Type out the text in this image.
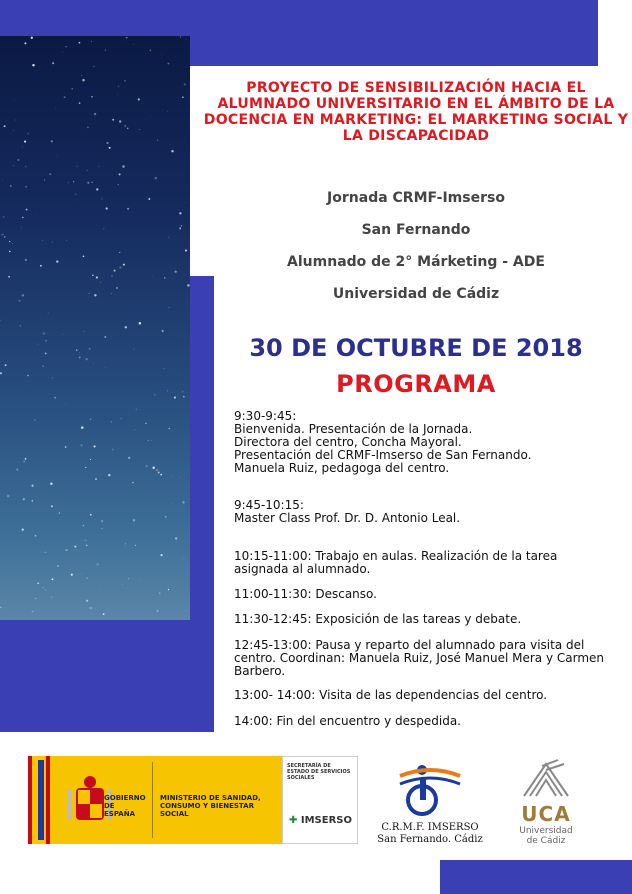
PROYECTO DE SENSIBILIZACIÓN HACIA EL ALUMNADO UNIVERSITARIO EN EL ÁMBITO DE LA DOCENCIA EN MARKETING: EL MARKETING SOCIAL Y LA DISCAPACIDAD
Jornada CRMF-Imserso
San Fernando
Alumnado de 2° Márketing - ADE
Universidad de Cádiz
30 DE OCTUBRE DE 2018
PROGRAMA
9:30-9:45:
Bienvenida. Presentación de la Jornada.
Directora del centro, Concha Mayoral.
Presentación del CRMF-Imserso de San Fernando.
Manuela Ruiz, pedagoga del centro.
9:45-10:15:
Master Class Prof. Dr. D. Antonio Leal.
10:15-11:00: Trabajo en aulas. Realización de la tarea asignada al alumnado.
11:00-11:30: Descanso.
11:30-12:45: Exposición de las tareas y debate.
12:45-13:00: Pausa y reparto del alumnado para visita del centro. Coordinan: Manuela Ruiz, José Manuel Mera y Carmen Barbero.
13:00- 14:00: Visita de las dependencias del centro.
14:00: Fin del encuentro y despedida.
GOBIERNO DE ESPAÑA
MINISTERIO DE SANIDAD, CONSUMO Y BIENESTAR SOCIAL
SECRETARÍA DE ESTADO DE SERVICIOS SOCIALES
✚ IMSERSO
C.R.M.F. IMSERSO
San Fernando. Cádiz
UCA
Universidad
de Cádiz
